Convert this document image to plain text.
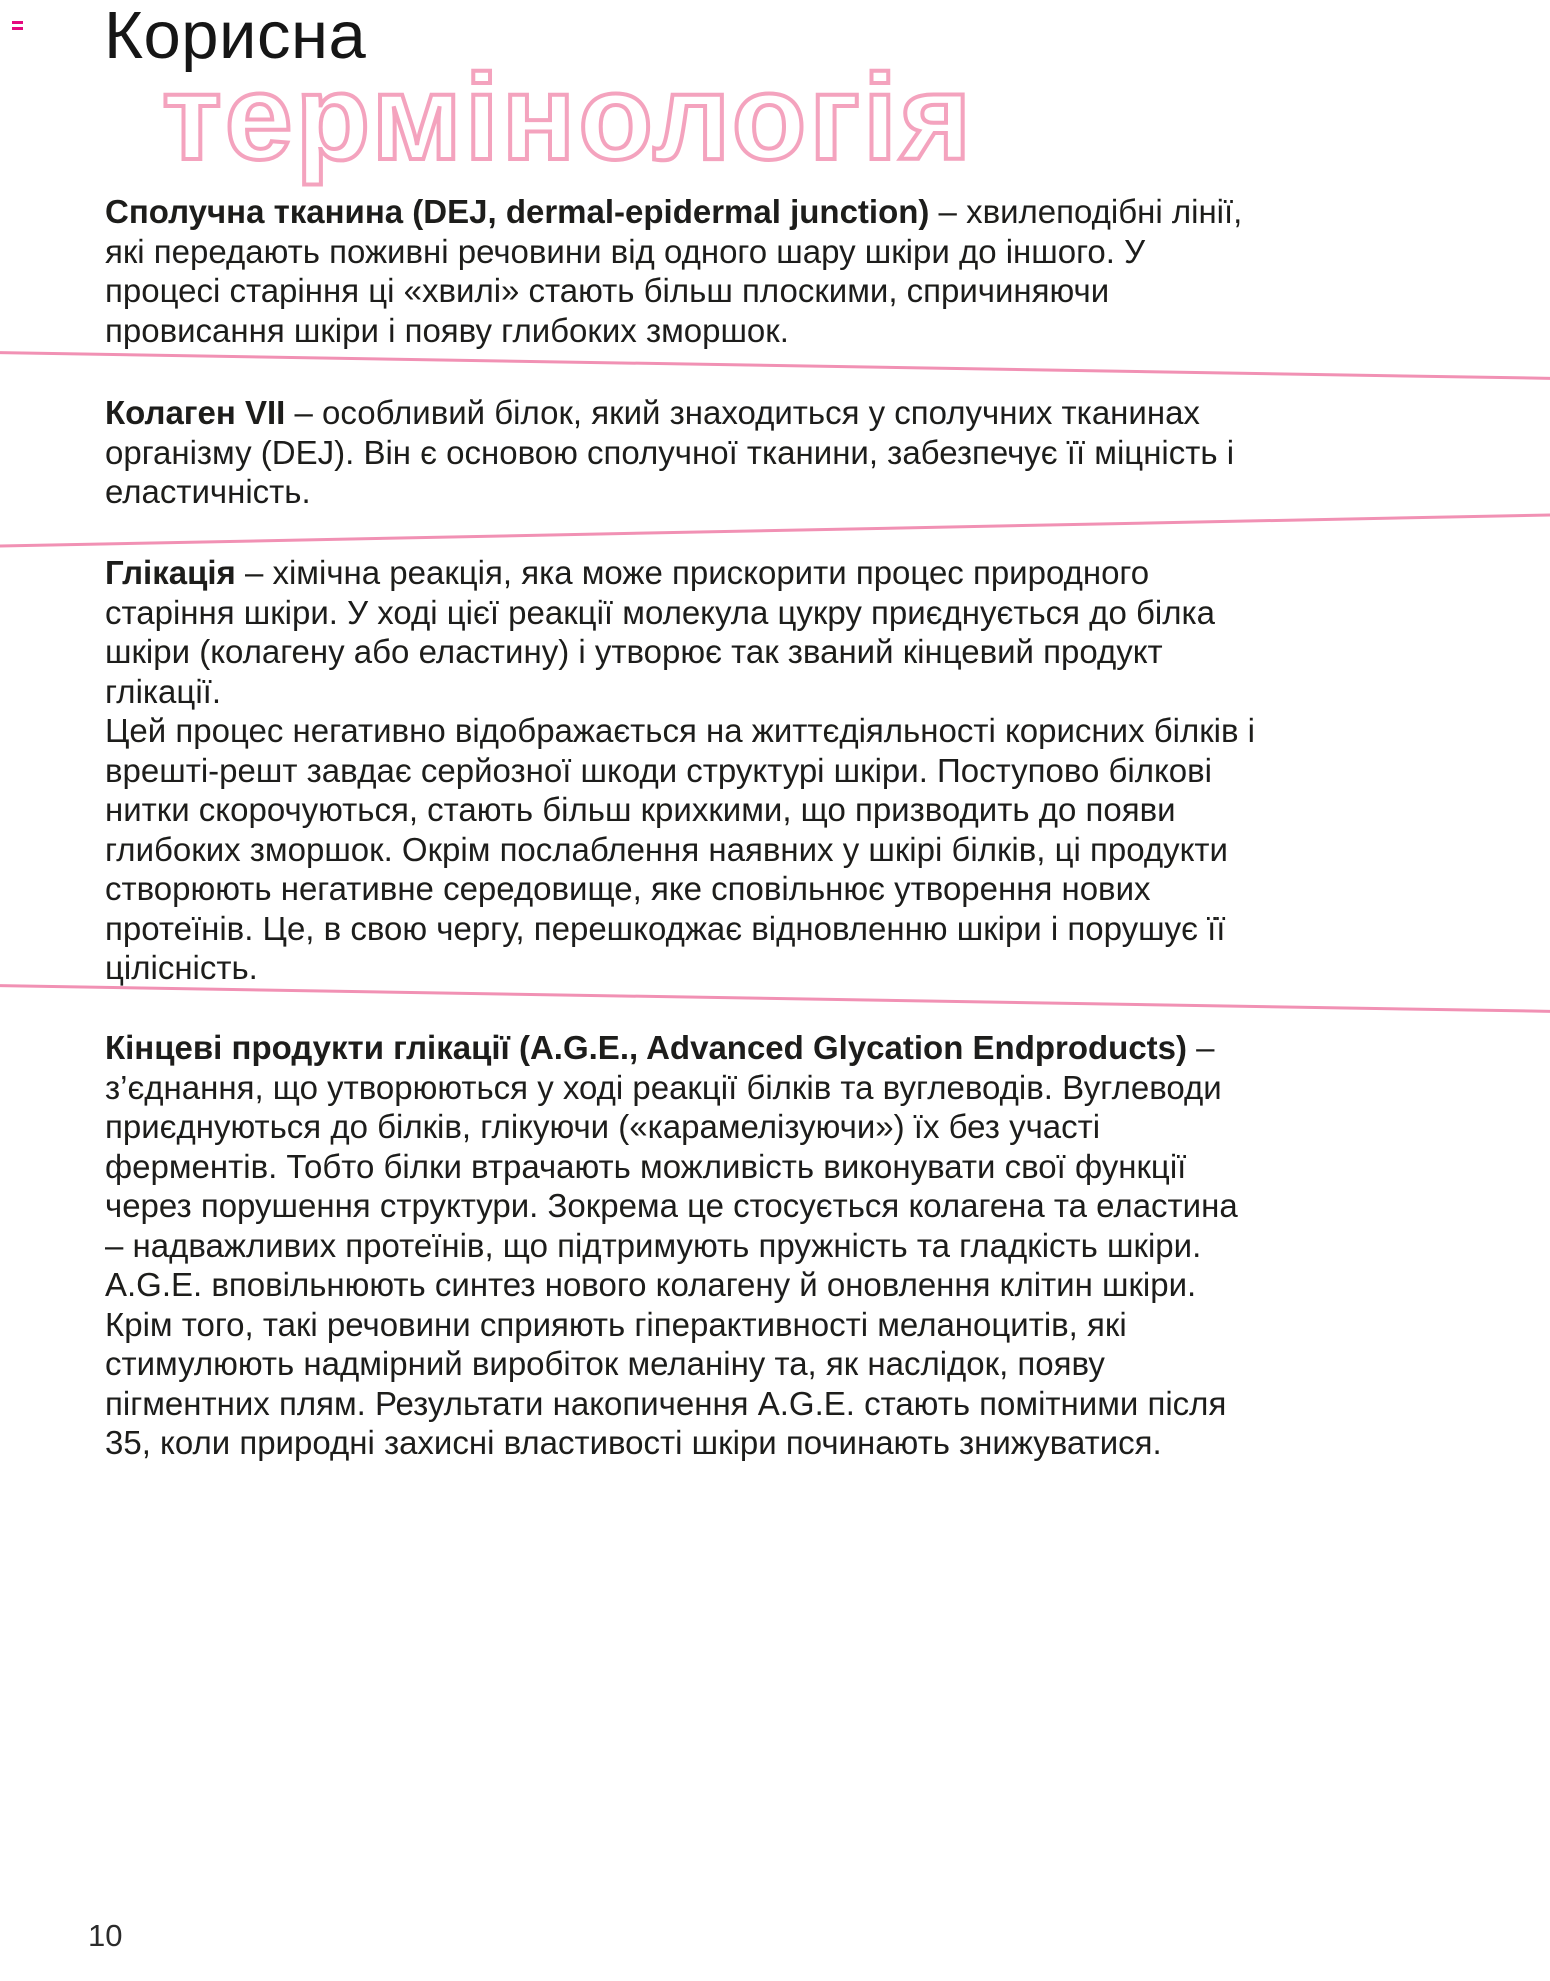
Корисна
термінологія

Сполучна тканина (DEJ, dermal-epidermal junction) – хвилеподібні лінії, які передають поживні речовини від одного шару шкіри до іншого. У процесі старіння ці «хвилі» стають більш плоскими, спричиняючи провисання шкіри і появу глибоких зморшок.

Колаген VII – особливий білок, який знаходиться у сполучних тканинах організму (DEJ). Він є основою сполучної тканини, забезпечує її міцність і еластичність.

Глікація – хімічна реакція, яка може прискорити процес природного старіння шкіри. У ході цієї реакції молекула цукру приєднується до білка шкіри (колагену або еластину) і утворює так званий кінцевий продукт глікації.
Цей процес негативно відображається на життєдіяльності корисних білків і врешті-решт завдає серйозної шкоди структурі шкіри. Поступово білкові нитки скорочуються, стають більш крихкими, що призводить до появи глибоких зморшок. Окрім послаблення наявних у шкірі білків, ці продукти створюють негативне середовище, яке сповільнює утворення нових протеїнів. Це, в свою чергу, перешкоджає відновленню шкіри і порушує її цілісність.

Кінцеві продукти глікації (A.G.E., Advanced Glycation Endproducts) – з’єднання, що утворюються у ході реакції білків та вуглеводів. Вуглеводи приєднуються до білків, глікуючи («карамелізуючи») їх без участі ферментів. Тобто білки втрачають можливість виконувати свої функції через порушення структури. Зокрема це стосується колагена та еластина – надважливих протеїнів, що підтримують пружність та гладкість шкіри. A.G.E. вповільнюють синтез нового колагену й оновлення клітин шкіри. Крім того, такі речовини сприяють гіперактивності меланоцитів, які стимулюють надмірний виробіток меланіну та, як наслідок, появу пігментних плям. Результати накопичення A.G.E. стають помітними після 35, коли природні захисні властивості шкіри починають знижуватися.

10
